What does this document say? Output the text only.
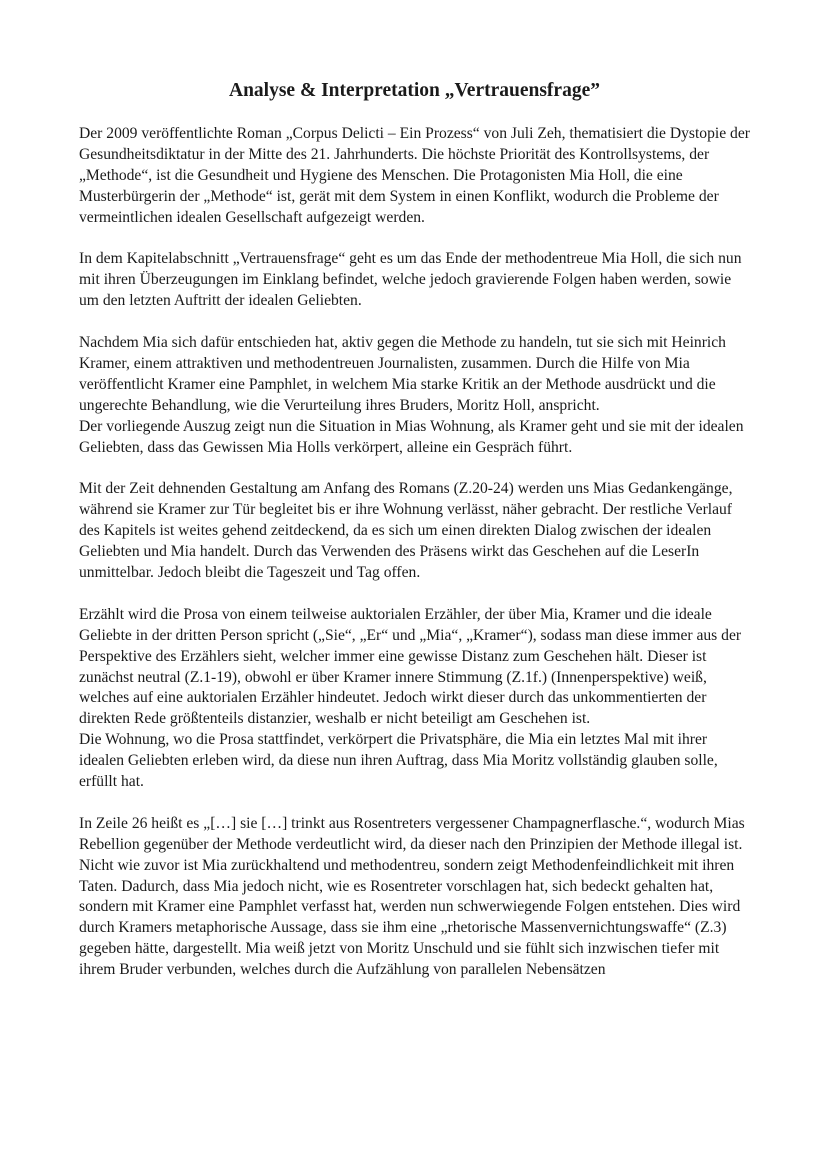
Analyse & Interpretation „Vertrauensfrage”

Der 2009 veröffentlichte Roman „Corpus Delicti – Ein Prozess“ von Juli Zeh, thematisiert die Dystopie der Gesundheitsdiktatur in der Mitte des 21. Jahrhunderts. Die höchste Priorität des Kontrollsystems, der „Methode“, ist die Gesundheit und Hygiene des Menschen. Die Protagonisten Mia Holl, die eine Musterbürgerin der „Methode“ ist, gerät mit dem System in einen Konflikt, wodurch die Probleme der vermeintlichen idealen Gesellschaft aufgezeigt werden.

In dem Kapitelabschnitt „Vertrauensfrage“ geht es um das Ende der methodentreue Mia Holl, die sich nun mit ihren Überzeugungen im Einklang befindet, welche jedoch gravierende Folgen haben werden, sowie um den letzten Auftritt der idealen Geliebten.

Nachdem Mia sich dafür entschieden hat, aktiv gegen die Methode zu handeln, tut sie sich mit Heinrich Kramer, einem attraktiven und methodentreuen Journalisten, zusammen. Durch die Hilfe von Mia veröffentlicht Kramer eine Pamphlet, in welchem Mia starke Kritik an der Methode ausdrückt und die ungerechte Behandlung, wie die Verurteilung ihres Bruders, Moritz Holl, anspricht.

Der vorliegende Auszug zeigt nun die Situation in Mias Wohnung, als Kramer geht und sie mit der idealen Geliebten, dass das Gewissen Mia Holls verkörpert, alleine ein Gespräch führt.

Mit der Zeit dehnenden Gestaltung am Anfang des Romans (Z.20-24) werden uns Mias Gedankengänge, während sie Kramer zur Tür begleitet bis er ihre Wohnung verlässt, näher gebracht. Der restliche Verlauf des Kapitels ist weites gehend zeitdeckend, da es sich um einen direkten Dialog zwischen der idealen Geliebten und Mia handelt. Durch das Verwenden des Präsens wirkt das Geschehen auf die LeserIn unmittelbar. Jedoch bleibt die Tageszeit und Tag offen.

Erzählt wird die Prosa von einem teilweise auktorialen Erzähler, der über Mia, Kramer und die ideale Geliebte in der dritten Person spricht („Sie“, „Er“ und „Mia“, „Kramer“), sodass man diese immer aus der Perspektive des Erzählers sieht, welcher immer eine gewisse Distanz zum Geschehen hält. Dieser ist zunächst neutral (Z.1-19), obwohl er über Kramer innere Stimmung (Z.1f.) (Innenperspektive) weiß, welches auf eine auktorialen Erzähler hindeutet. Jedoch wirkt dieser durch das unkommentierten der direkten Rede größtenteils distanzier, weshalb er nicht beteiligt am Geschehen ist.

Die Wohnung, wo die Prosa stattfindet, verkörpert die Privatsphäre, die Mia ein letztes Mal mit ihrer idealen Geliebten erleben wird, da diese nun ihren Auftrag, dass Mia Moritz vollständig glauben solle, erfüllt hat.

In Zeile 26 heißt es „[…] sie […] trinkt aus Rosentreters vergessener Champagnerflasche.“, wodurch Mias Rebellion gegenüber der Methode verdeutlicht wird, da dieser nach den Prinzipien der Methode illegal ist. Nicht wie zuvor ist Mia zurückhaltend und methodentreu, sondern zeigt Methodenfeindlichkeit mit ihren Taten. Dadurch, dass Mia jedoch nicht, wie es Rosentreter vorschlagen hat, sich bedeckt gehalten hat, sondern mit Kramer eine Pamphlet verfasst hat, werden nun schwerwiegende Folgen entstehen. Dies wird durch Kramers metaphorische Aussage, dass sie ihm eine „rhetorische Massenvernichtungswaffe“ (Z.3) gegeben hätte, dargestellt. Mia weiß jetzt von Moritz Unschuld und sie fühlt sich inzwischen tiefer mit ihrem Bruder verbunden, welches durch die Aufzählung von parallelen Nebensätzen
